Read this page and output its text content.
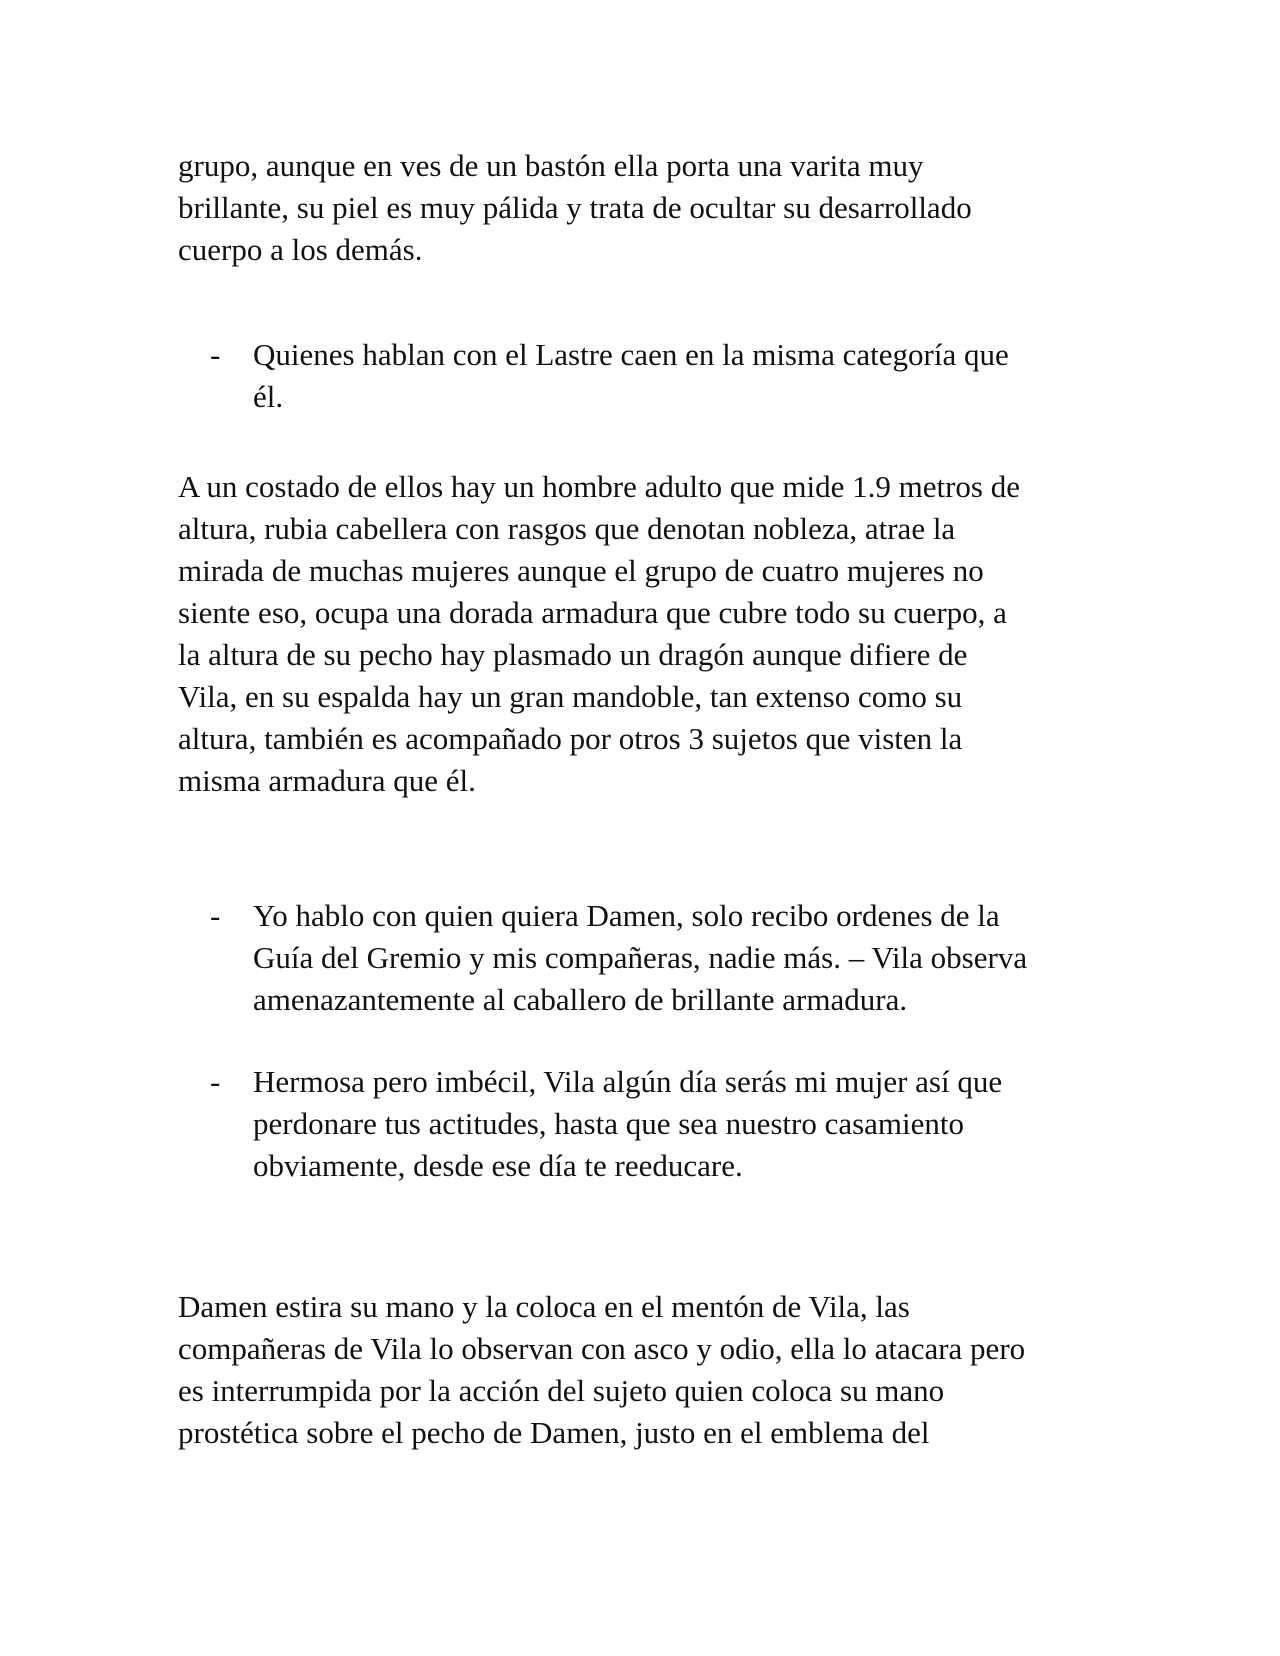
grupo, aunque en ves de un bastón ella porta una varita muy
brillante, su piel es muy pálida y trata de ocultar su desarrollado
cuerpo a los demás.

-	Quienes hablan con el Lastre caen en la misma categoría que
él.

A un costado de ellos hay un hombre adulto que mide 1.9 metros de
altura, rubia cabellera con rasgos que denotan nobleza, atrae la
mirada de muchas mujeres aunque el grupo de cuatro mujeres no
siente eso, ocupa una dorada armadura que cubre todo su cuerpo, a
la altura de su pecho hay plasmado un dragón aunque difiere de
Vila, en su espalda hay un gran mandoble, tan extenso como su
altura, también es acompañado por otros 3 sujetos que visten la
misma armadura que él.

-	Yo hablo con quien quiera Damen, solo recibo ordenes de la
Guía del Gremio y mis compañeras, nadie más. – Vila observa
amenazantemente al caballero de brillante armadura.
-	Hermosa pero imbécil, Vila algún día serás mi mujer así que
perdonare tus actitudes, hasta que sea nuestro casamiento
obviamente, desde ese día te reeducare.

Damen estira su mano y la coloca en el mentón de Vila, las
compañeras de Vila lo observan con asco y odio, ella lo atacara pero
es interrumpida por la acción del sujeto quien coloca su mano
prostética sobre el pecho de Damen, justo en el emblema del
